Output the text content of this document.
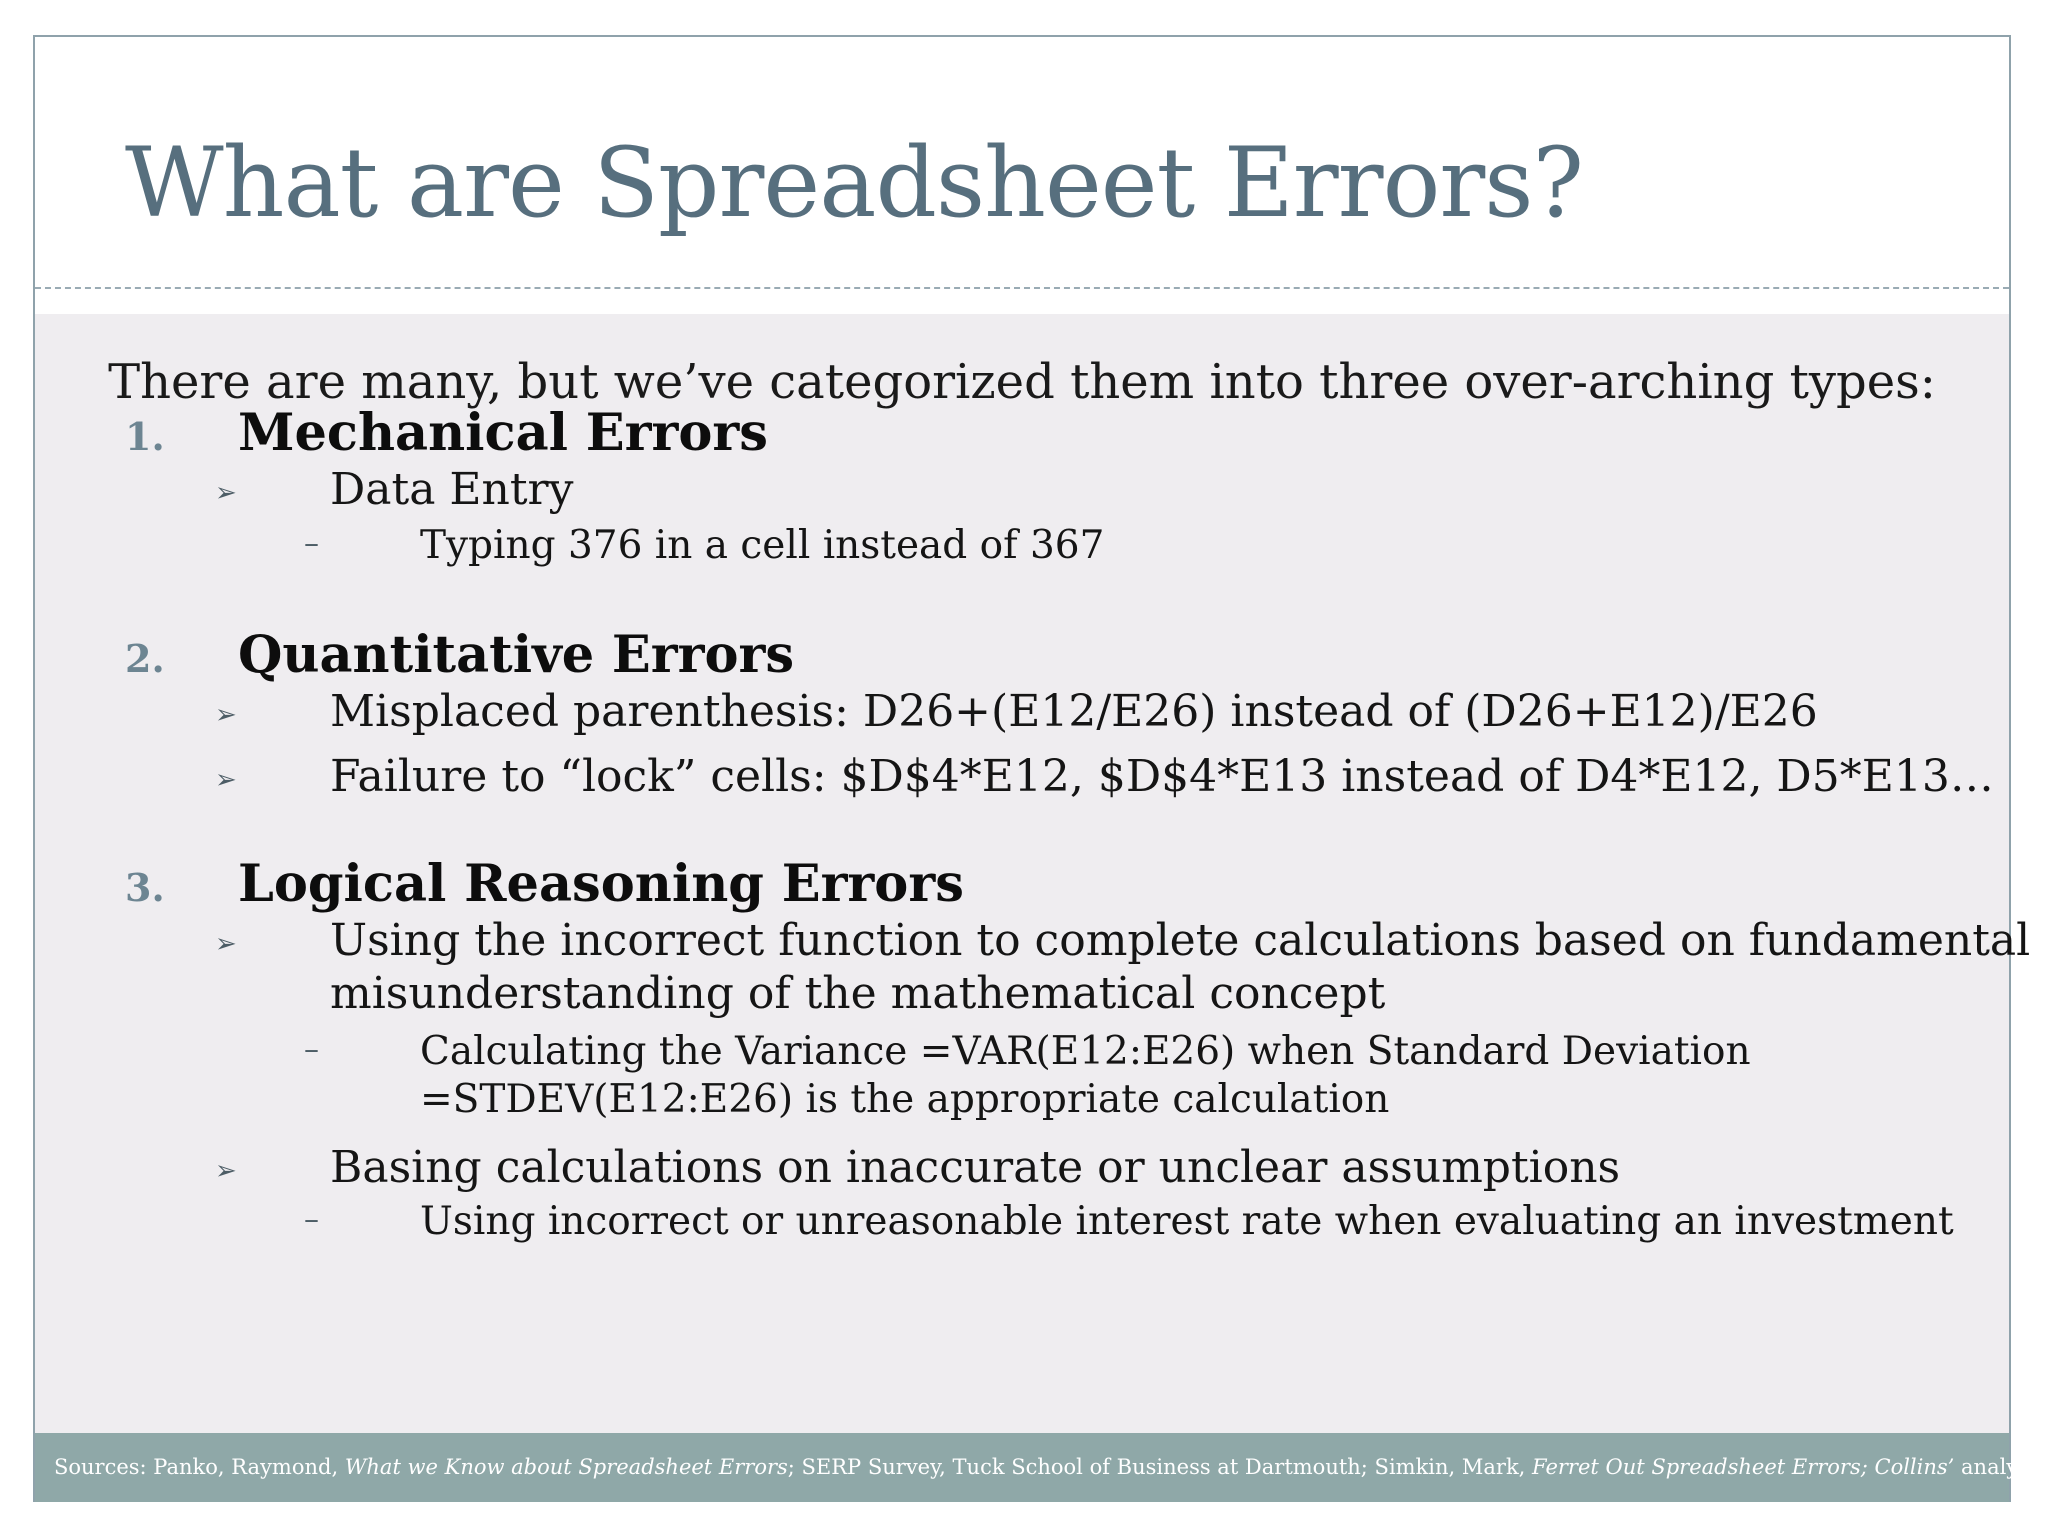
What are Spreadsheet Errors?
There are many, but we’ve categorized them into three over-arching types:
1. Mechanical Errors
➢ Data Entry
–	Typing 376 in a cell instead of 367
2. Quantitative Errors
➢ Misplaced parenthesis: D26+(E12/E26) instead of (D26+E12)/E26
➢ Failure to “lock” cells: $D$4*E12, $D$4*E13 instead of D4*E12, D5*E13…
3. Logical Reasoning Errors
➢ Using the incorrect function to complete calculations based on fundamental
misunderstanding of the mathematical concept
–	Calculating the Variance =VAR(E12:E26) when Standard Deviation
=STDEV(E12:E26) is the appropriate calculation
➢ Basing calculations on inaccurate or unclear assumptions
–	Using incorrect or unreasonable interest rate when evaluating an investment
Sources: Panko, Raymond, What we Know about Spreadsheet Errors; SERP Survey, Tuck School of Business at Dartmouth; Simkin, Mark, Ferret Out Spreadsheet Errors; Collins’ analysis
